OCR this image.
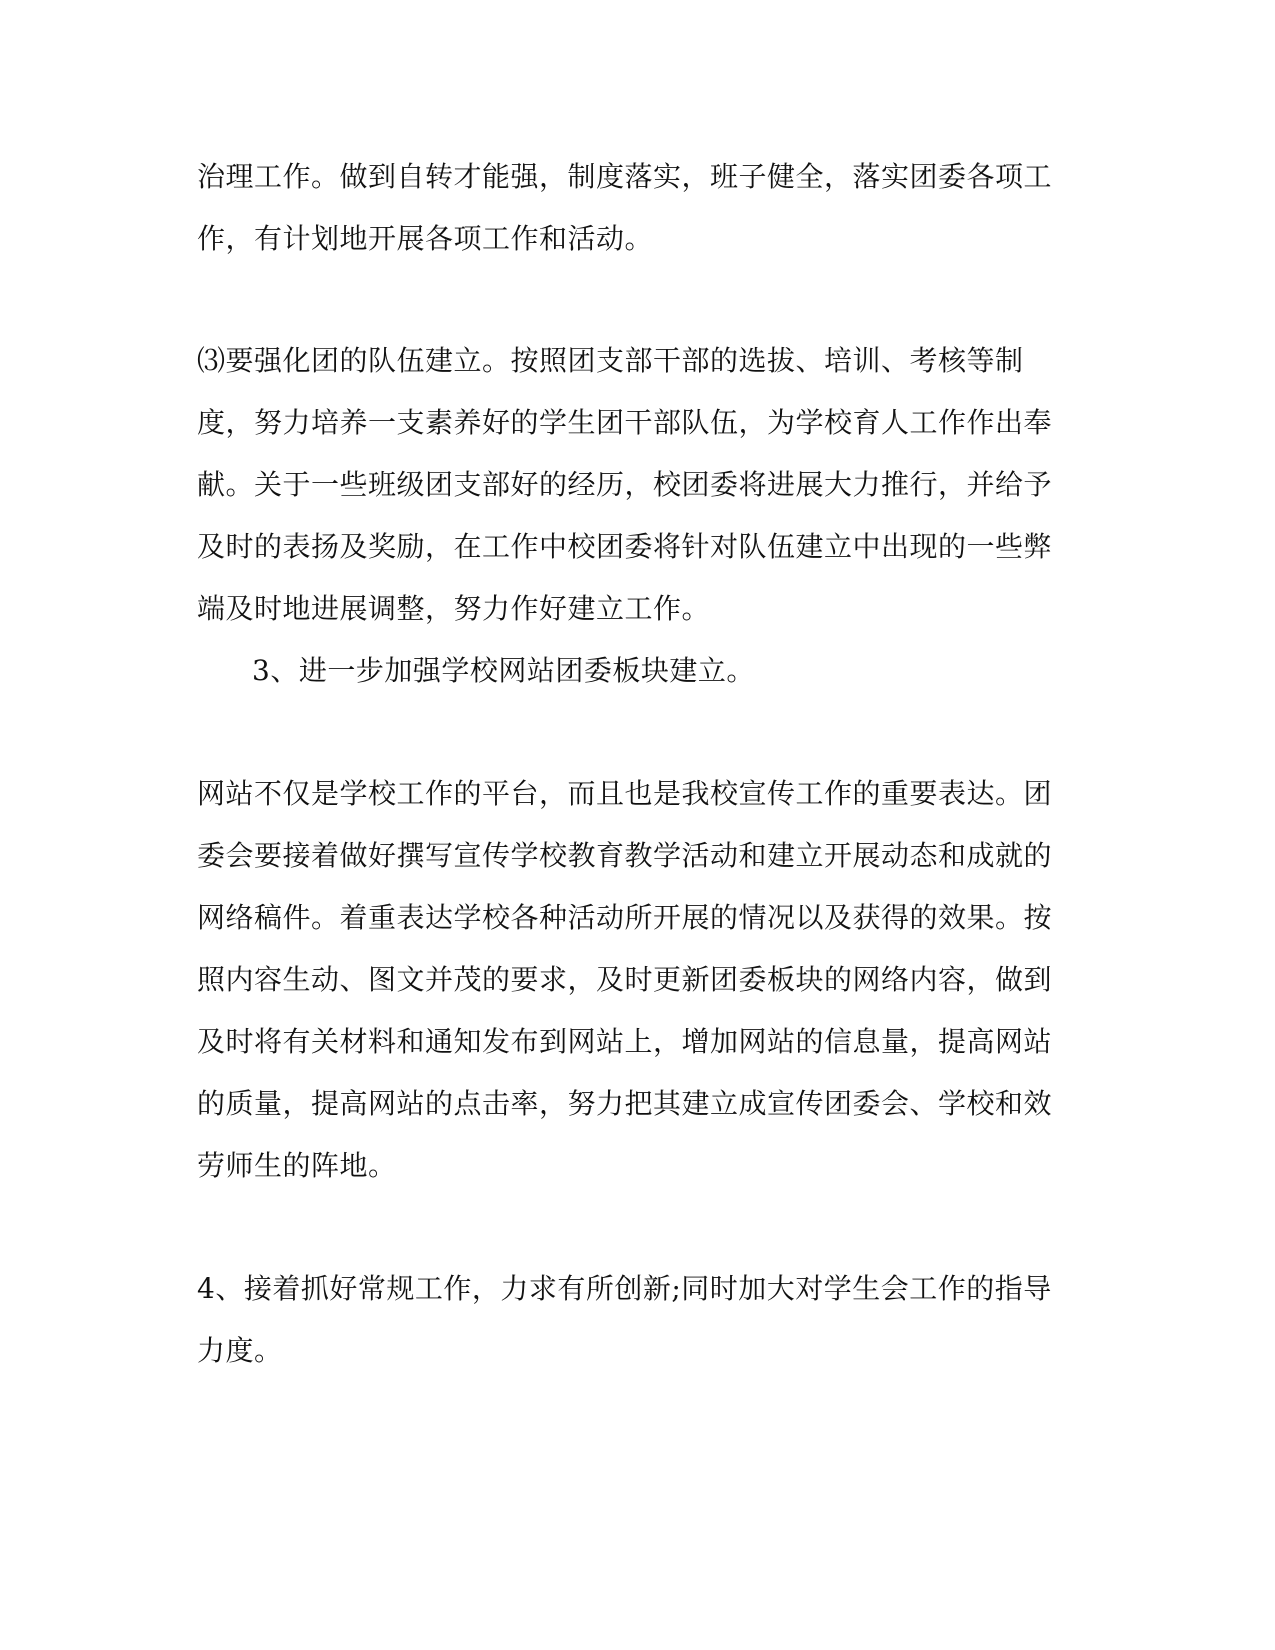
治理工作。做到自转才能强，制度落实，班子健全，落实团委各项工
作，有计划地开展各项工作和活动。
⑶要强化团的队伍建立。按照团支部干部的选拔、培训、考核等制
度，努力培养一支素养好的学生团干部队伍，为学校育人工作作出奉
献。关于一些班级团支部好的经历，校团委将进展大力推行，并给予
及时的表扬及奖励，在工作中校团委将针对队伍建立中出现的一些弊
端及时地进展调整，努力作好建立工作。
3、进一步加强学校网站团委板块建立。
网站不仅是学校工作的平台，而且也是我校宣传工作的重要表达。团
委会要接着做好撰写宣传学校教育教学活动和建立开展动态和成就的
网络稿件。着重表达学校各种活动所开展的情况以及获得的效果。按
照内容生动、图文并茂的要求，及时更新团委板块的网络内容，做到
及时将有关材料和通知发布到网站上，增加网站的信息量，提高网站
的质量，提高网站的点击率，努力把其建立成宣传团委会、学校和效
劳师生的阵地。
4、接着抓好常规工作，力求有所创新;同时加大对学生会工作的指导
力度。
